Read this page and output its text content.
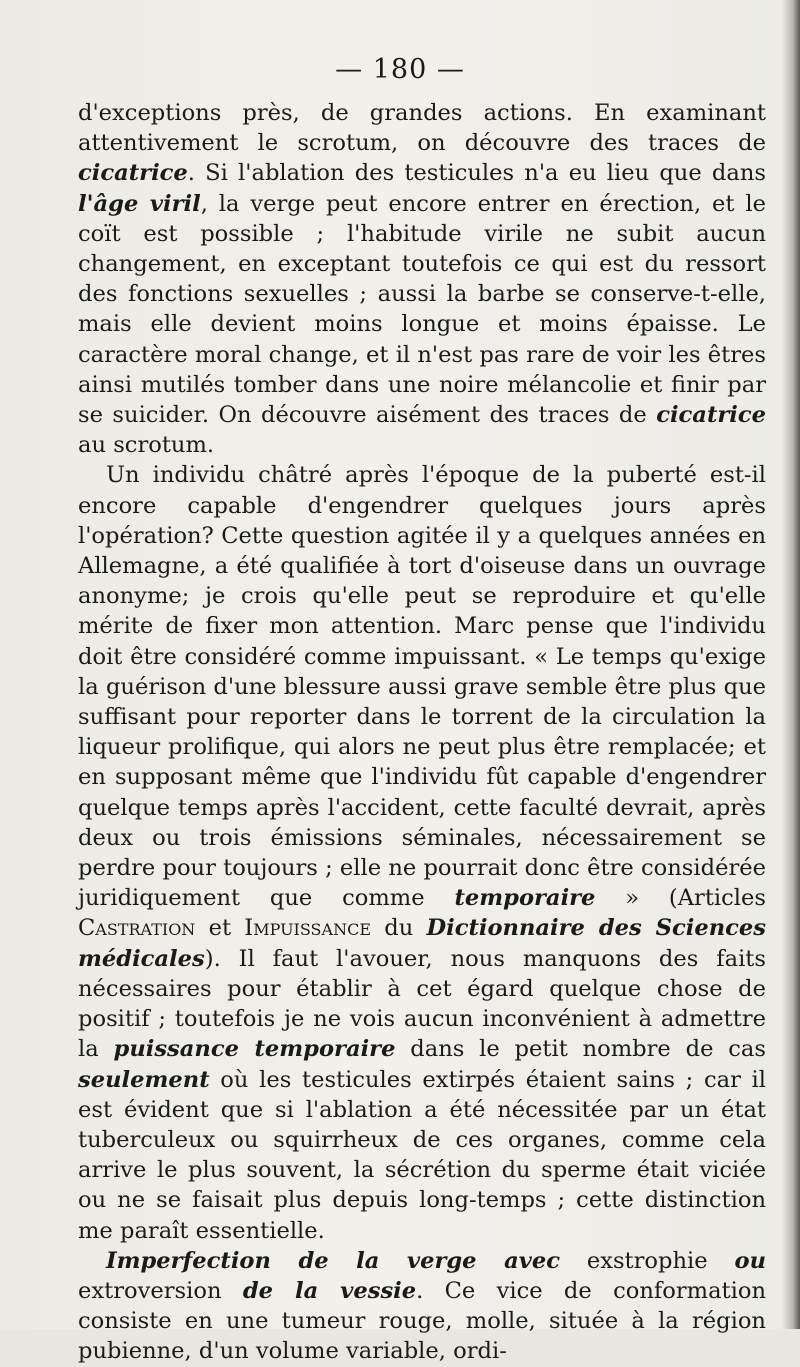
— 180 —

d'exceptions près, de grandes actions. En examinant attentivement le scrotum, on découvre des traces de cicatrice. Si l'ablation des testicules n'a eu lieu que dans l'âge viril, la verge peut encore entrer en érection, et le coït est possible ; l'habitude virile ne subit aucun changement, en exceptant toutefois ce qui est du ressort des fonctions sexuelles ; aussi la barbe se conserve-t-elle, mais elle devient moins longue et moins épaisse. Le caractère moral change, et il n'est pas rare de voir les êtres ainsi mutilés tomber dans une noire mélancolie et finir par se suicider. On découvre aisément des traces de cicatrice au scrotum.

Un individu châtré après l'époque de la puberté est-il encore capable d'engendrer quelques jours après l'opération? Cette question agitée il y a quelques années en Allemagne, a été qualifiée à tort d'oiseuse dans un ouvrage anonyme; je crois qu'elle peut se reproduire et qu'elle mérite de fixer mon attention. Marc pense que l'individu doit être considéré comme impuissant. « Le temps qu'exige la guérison d'une blessure aussi grave semble être plus que suffisant pour reporter dans le torrent de la circulation la liqueur prolifique, qui alors ne peut plus être remplacée; et en supposant même que l'individu fût capable d'engendrer quelque temps après l'accident, cette faculté devrait, après deux ou trois émissions séminales, nécessairement se perdre pour toujours ; elle ne pourrait donc être considérée juridiquement que comme temporaire » (Articles Castration et Impuissance du Dictionnaire des Sciences médicales). Il faut l'avouer, nous manquons des faits nécessaires pour établir à cet égard quelque chose de positif ; toutefois je ne vois aucun inconvénient à admettre la puissance temporaire dans le petit nombre de cas seulement où les testicules extirpés étaient sains ; car il est évident que si l'ablation a été nécessitée par un état tuberculeux ou squirrheux de ces organes, comme cela arrive le plus souvent, la sécrétion du sperme était viciée ou ne se faisait plus depuis long-temps ; cette distinction me paraît essentielle.

Imperfection de la verge avec exstrophie ou extroversion de la vessie. Ce vice de conformation consiste en une tumeur rouge, molle, située à la région pubienne, d'un volume variable, ordi-
